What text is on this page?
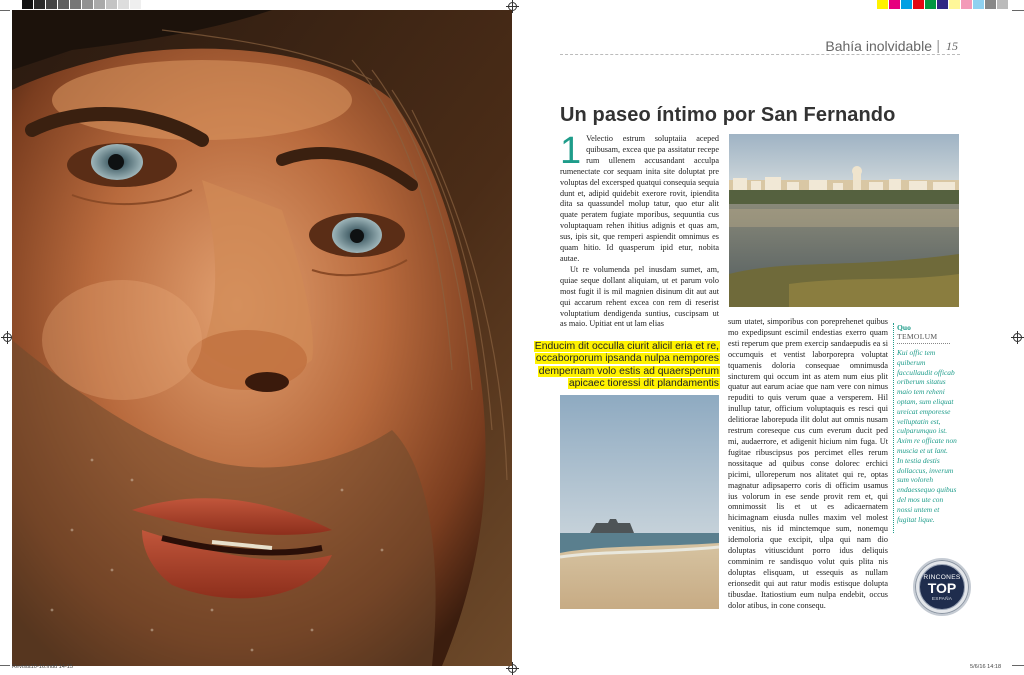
Bahía inolvidable | 15
Un paseo íntimo por San Fernando

1 Velectio estrum soluptaiia aceped quibusam, excea que pa assitatur recepe rum ullenem accusandant acculpa rumenectate cor sequam inita site doluptat pre voluptas del excersped quatqui consequia sequia dunt et, adipid quidebit exerore rovit, ipiendita dita sa quassundel molup tatur, quo etur alit quate peratem fugiate mporibus, sequuntia cus voluptaquam rehen ihitius adignis et quas am, sus, ipis sit, que remperi aspiendit omnimus es quam hitio. Id quasperum ipid etur, nobita autae.

Ut re volumenda pel inusdam sumet, am, quiae seque dollant aliquiam, ut et parum volo most fugit il is mil magnien disinum dit aut aut qui accarum rehent excea con rem di reserist voluptatium dendigenda suntius, cuscipsam ut as maio. Upitiat ent ut lam elias

Enducim dit occulla ciurit alicil eria et re, occaborporum ipsanda nulpa nempores dempernam volo estis ad quaersperum apicaec tioressi dit plandamentis
sum utatet, simporibus con poreprehenet quibus mo expedipsunt escimil endestias exerro quam esti reperum que prem exercip sandaepudis ea si occumquis et ventist laborporepra voluptat tquamenis doloria consequae omnimusda sincturem qui occum int as atem num eius plit quatur aut earum aciae que nam vere con nimus repuditi to quis verum quae a versperem. Hil inullup tatur, officium voluptaquis es resci qui delitiorae laborepuda ilit dolut aut omnis nusam restrum coreseque cus cum everum ducit ped mi, audaerrore, et adigenit hicium nim fuga. Ut fugitae ribuscipsus pos percimet elles rerum nossitaque ad quibus conse dolorec erchici picimi, ulloreperum nos alitatet qui re, optas magnatur adipsaperro coris di officim usamus ius volorum in ese sende provit rem et, qui omnimossit lis et ut es adicaernatem hicimagnam eiusda nulles maxim vel molest venitius, nis id minctemque sum, nonemqu idemoloria que excipit, ulpa qui nam dio doluptas vitiuscidunt porro idus deliquis comminim re sandisquo volut quis plita nis doluptas elisquam, ut essequis as nullam erionsedit qui aut ratur modis estisque dolupta tibusdae. Itatiostium eum nulpa endebit, occus dolor atibus, in cone consequ.
Quo TEMOLUM

Kui offic tem quiberum faccullaudit officab oriberum sitatus maio tem reheni optam, sum eliquat ureicat emporesse velluptatin est, culparumquo ist. Axim re officate non muscia et ut lant.

In testia destis dollaccus, inverum sum voloreh endaessequo quibus del mos ute con nossi untem et fugitat lique.

RINCONES
TOP
ESPAÑA
Revista10-16.indd 14-15	5/6/16 14:18
